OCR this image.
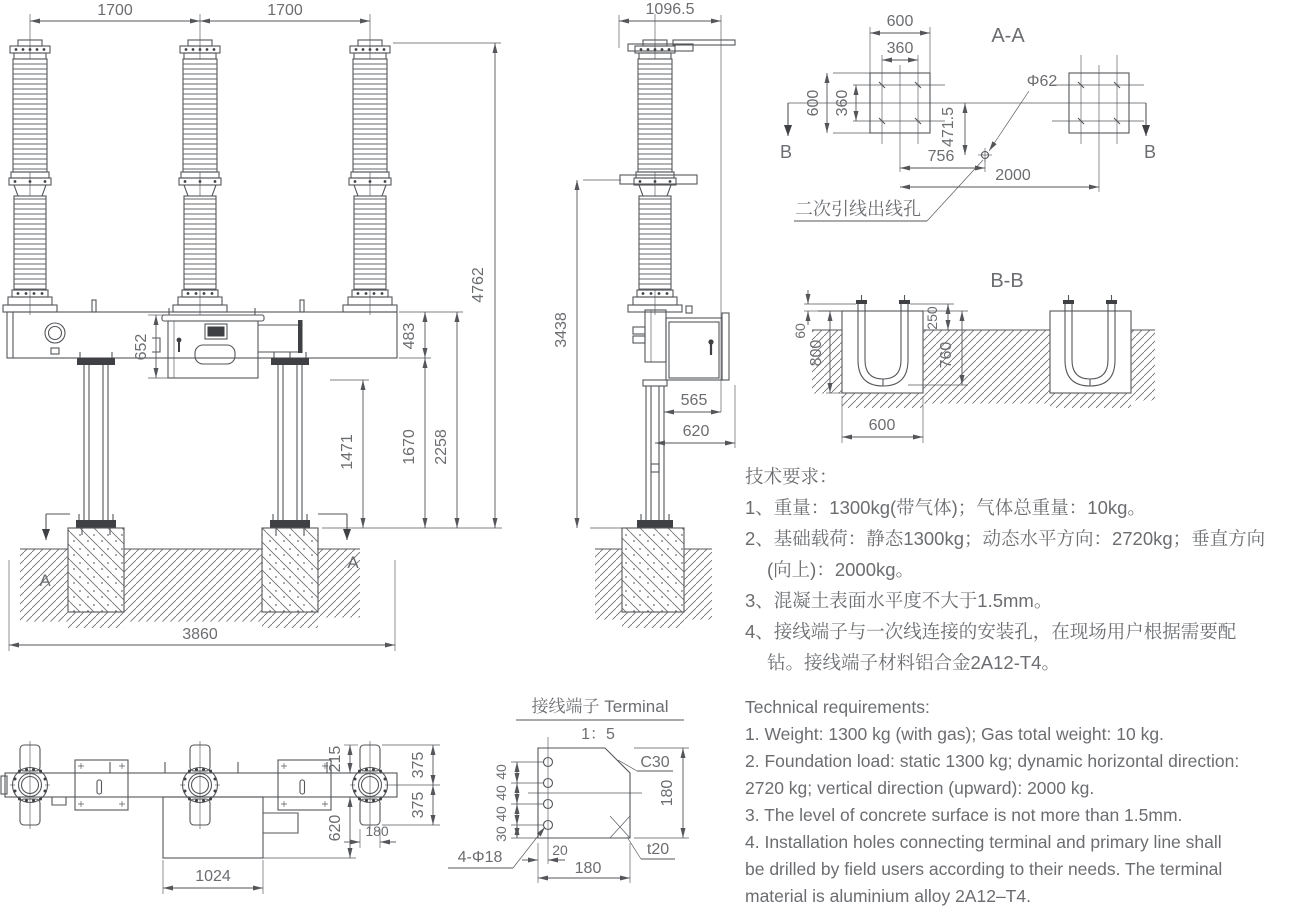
A
A
1700	1700
4762
483
1670 2258
1471
652
3860
1096.5
3438
565
620
A-A
600
360
600 360
Φ62
471.5
756
2000
B	B
二次引线出线孔
B-B
60
800
250
760
600
215
620
375
375
180
1024
接线端子 Terminal
1：5
40
40
40
30
20
180
180
C30
t20
4-Φ18
技术要求：
1、重量：1300kg(带气体)；气体总重量：10kg。
2、基础载荷：静态1300kg；动态水平方向：2720kg；垂直方向
(向上)：2000kg。
3、混凝土表面水平度不大于1.5mm。
4、接线端子与一次线连接的安装孔，在现场用户根据需要配
钻。接线端子材料铝合金2A12-T4。
Technical requirements:
1. Weight: 1300 kg (with gas); Gas total weight: 10 kg.
2. Foundation load: static 1300 kg; dynamic horizontal direction:
2720 kg; vertical direction (upward): 2000 kg.
3. The level of concrete surface is not more than 1.5mm.
4. Installation holes connecting terminal and primary line shall
be drilled by field users according to their needs. The terminal
material is aluminium alloy 2A12–T4.
